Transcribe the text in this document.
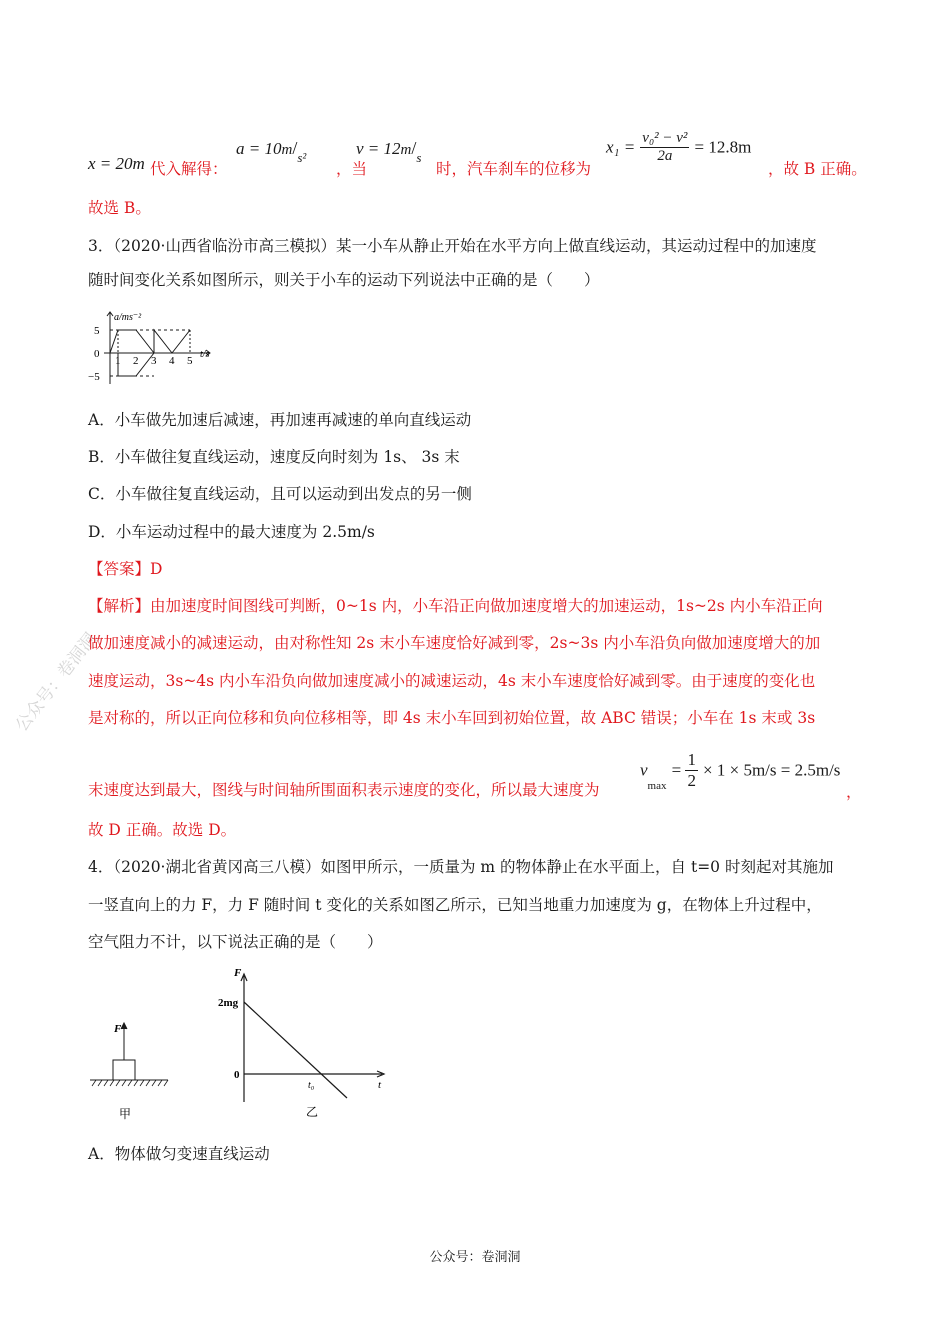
公众号：卷洞洞
x = 20m 代入解得：
$a = 10m/_{s^2}$
，当
$v = 12m/_s$
时，汽车刹车的位移为
$x_1 = \frac{\text{v₀² − v²}}{2a} = 12.8m$
，故 B 正确。
故选 B。
3．（2020·山西省临汾市高三模拟）某一小车从静止开始在水平方向上做直线运动，其运动过程中的加速度
随时间变化关系如图所示，则关于小车的运动下列说法中正确的是（　　）
a/ms⁻²
5
0
−5
1 2 3 4 5
t/s
A．小车做先加速后减速，再加速再减速的单向直线运动
B．小车做往复直线运动，速度反向时刻为 1s、 3s 末
C．小车做往复直线运动，且可以运动到出发点的另一侧
D．小车运动过程中的最大速度为 2.5m/s
【答案】D
【解析】由加速度时间图线可判断，0~1s 内，小车沿正向做加速度增大的加速运动，1s~2s 内小车沿正向
做加速度减小的减速运动，由对称性知 2s 末小车速度恰好减到零，2s~3s 内小车沿负向做加速度增大的加
速度运动，3s~4s 内小车沿负向做加速度减小的减速运动，4s 末小车速度恰好减到零。由于速度的变化也
是对称的，所以正向位移和负向位移相等，即 4s 末小车回到初始位置，故 ABC 错误；小车在 1s 末或 3s
末速度达到最大，图线与时间轴所围面积表示速度的变化，所以最大速度为
$v_{max} = \frac{1}{2} \times 1 \times 5m/s = 2.5m/s$
，
故 D 正确。故选 D。
4．（2020·湖北省黄冈高三八模）如图甲所示，一质量为 m 的物体静止在水平面上，自 t=0 时刻起对其施加
一竖直向上的力 F，力 F 随时间 t 变化的关系如图乙所示，已知当地重力加速度为 g，在物体上升过程中，
空气阻力不计，以下说法正确的是（　　）
F
甲
F
2mg
0
t₀	t
乙
A．物体做匀变速直线运动
公众号：卷洞洞
